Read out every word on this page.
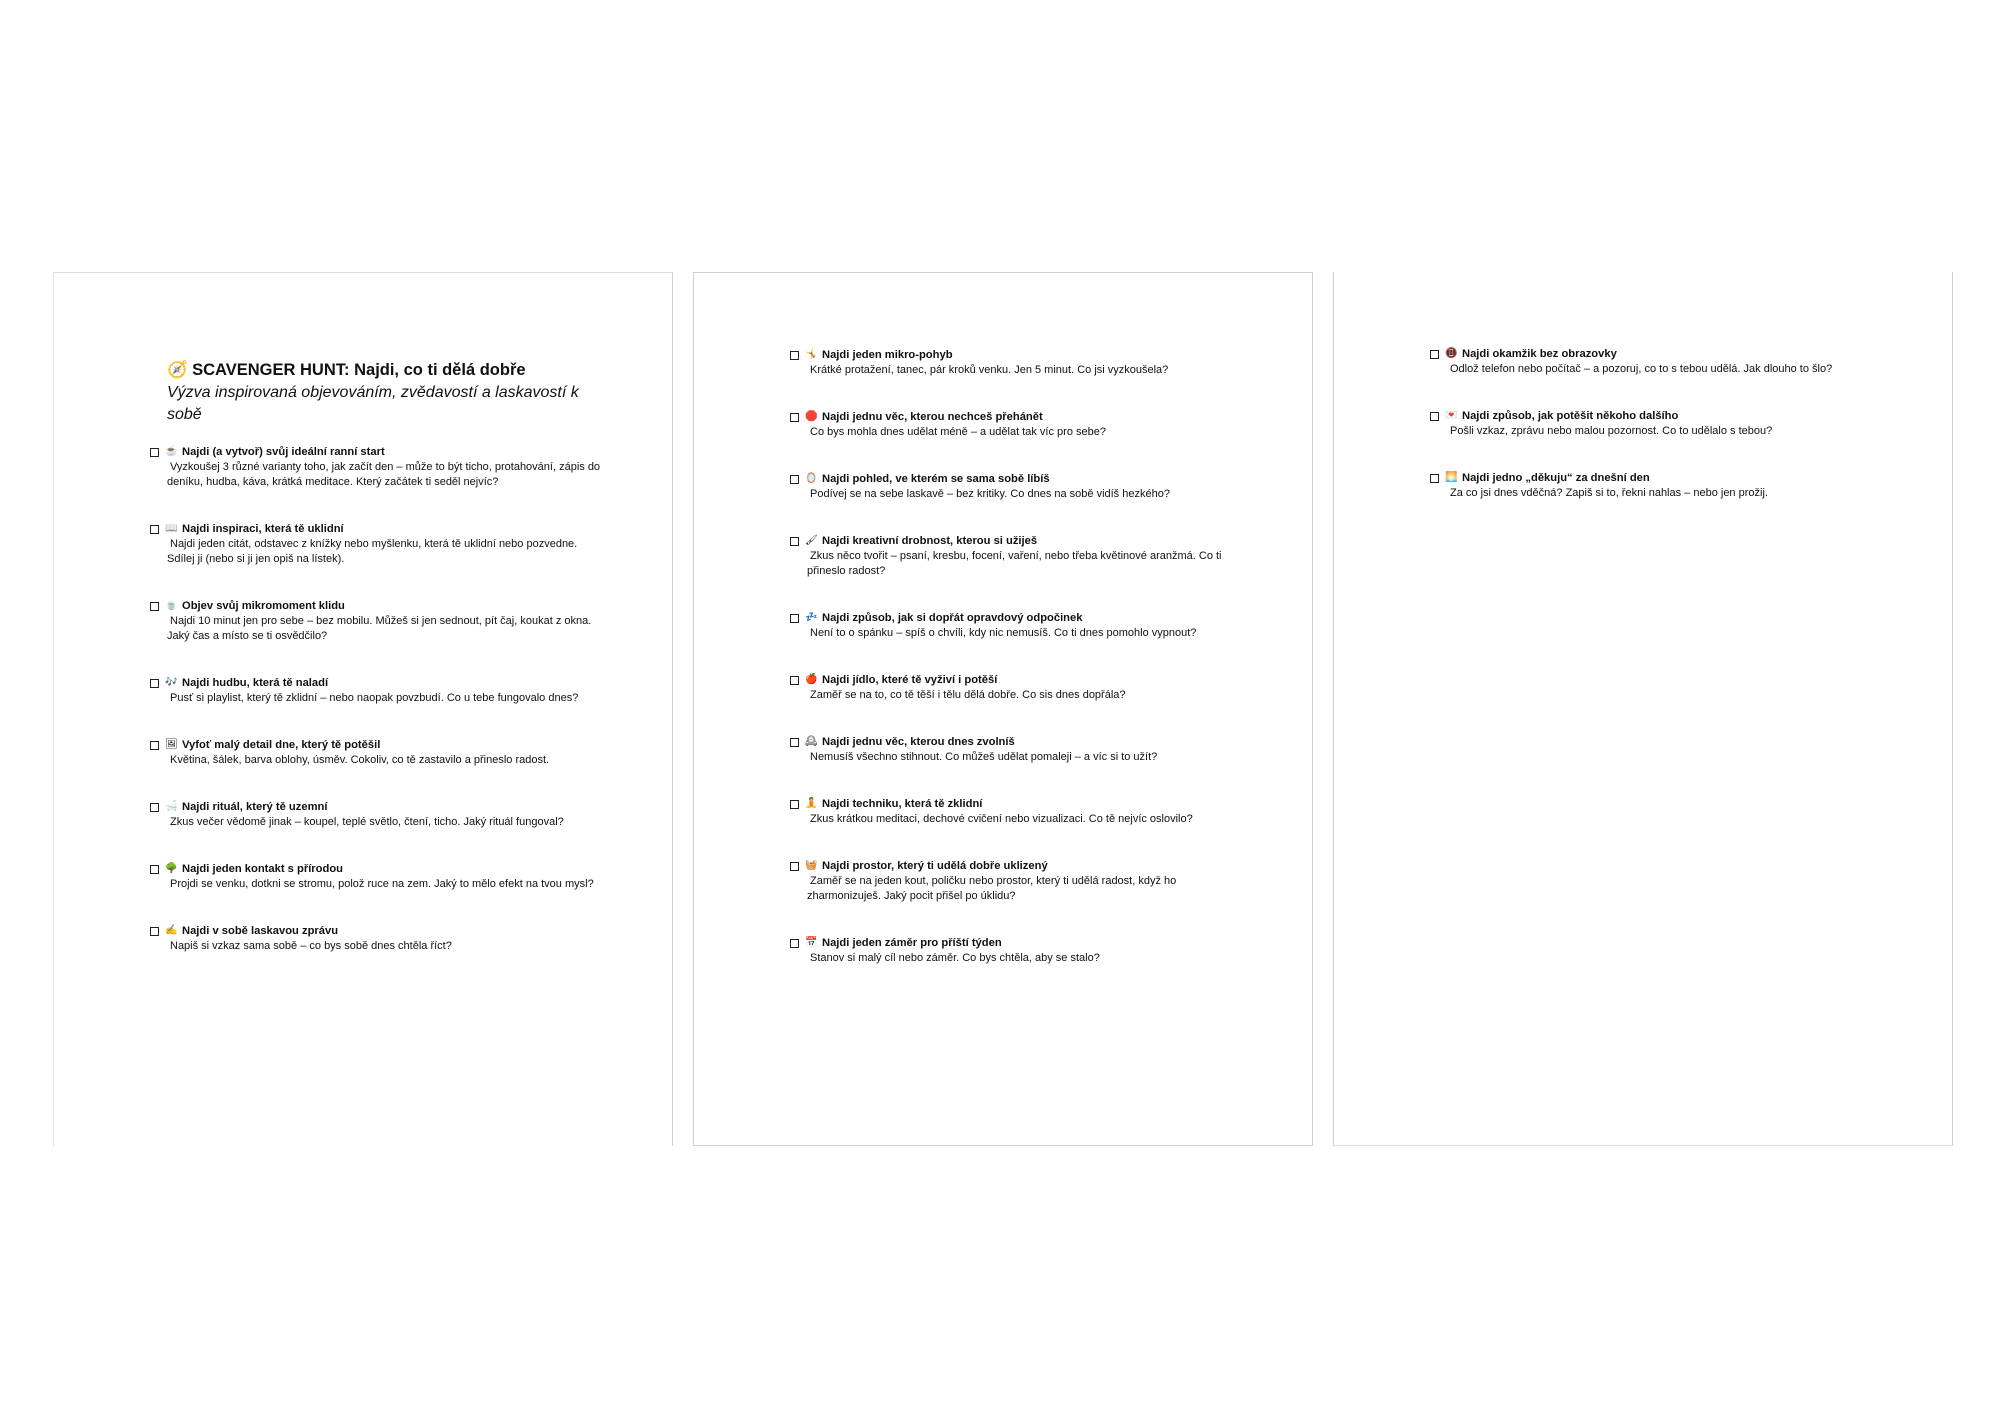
🧭 SCAVENGER HUNT: Najdi, co ti dělá dobře
Výzva inspirovaná objevováním, zvědavostí a laskavostí k sobě
☕ Najdi (a vytvoř) svůj ideální ranní start
Vyzkoušej 3 různé varianty toho, jak začít den – může to být ticho, protahování, zápis do deníku, hudba, káva, krátká meditace. Který začátek ti seděl nejvíc?
📖 Najdi inspiraci, která tě uklidní
Najdi jeden citát, odstavec z knížky nebo myšlenku, která tě uklidní nebo pozvedne. Sdílej ji (nebo si ji jen opiš na lístek).
🍵 Objev svůj mikromoment klidu
Najdi 10 minut jen pro sebe – bez mobilu. Můžeš si jen sednout, pít čaj, koukat z okna. Jaký čas a místo se ti osvědčilo?
🎶 Najdi hudbu, která tě naladí
Pusť si playlist, který tě zklidní – nebo naopak povzbudí. Co u tebe fungovalo dnes?
🖼 Vyfoť malý detail dne, který tě potěšil
Květina, šálek, barva oblohy, úsměv. Cokoliv, co tě zastavilo a přineslo radost.
🛁 Najdi rituál, který tě uzemní
Zkus večer vědomě jinak – koupel, teplé světlo, čtení, ticho. Jaký rituál fungoval?
🌳 Najdi jeden kontakt s přírodou
Projdi se venku, dotkni se stromu, polož ruce na zem. Jaký to mělo efekt na tvou mysl?
✍ Najdi v sobě laskavou zprávu
Napiš si vzkaz sama sobě – co bys sobě dnes chtěla říct?
🤸 Najdi jeden mikro-pohyb
Krátké protažení, tanec, pár kroků venku. Jen 5 minut. Co jsi vyzkoušela?
🛑 Najdi jednu věc, kterou nechceš přehánět
Co bys mohla dnes udělat méně – a udělat tak víc pro sebe?
🪞 Najdi pohled, ve kterém se sama sobě líbíš
Podívej se na sebe laskavě – bez kritiky. Co dnes na sobě vidíš hezkého?
🖌 Najdi kreativní drobnost, kterou si užiješ
Zkus něco tvořit – psaní, kresbu, focení, vaření, nebo třeba květinové aranžmá. Co ti přineslo radost?
💤 Najdi způsob, jak si dopřát opravdový odpočinek
Není to o spánku – spíš o chvíli, kdy nic nemusíš. Co ti dnes pomohlo vypnout?
🍎 Najdi jídlo, které tě vyživí i potěší
Zaměř se na to, co tě těší i tělu dělá dobře. Co sis dnes dopřála?
🕰 Najdi jednu věc, kterou dnes zvolníš
Nemusíš všechno stihnout. Co můžeš udělat pomaleji – a víc si to užít?
🧘 Najdi techniku, která tě zklidní
Zkus krátkou meditaci, dechové cvičení nebo vizualizaci. Co tě nejvíc oslovilo?
🧺 Najdi prostor, který ti udělá dobře uklizený
Zaměř se na jeden kout, poličku nebo prostor, který ti udělá radost, když ho zharmonizuješ. Jaký pocit přišel po úklidu?
📅 Najdi jeden záměr pro příští týden
Stanov si malý cíl nebo záměr. Co bys chtěla, aby se stalo?
📵 Najdi okamžik bez obrazovky
Odlož telefon nebo počítač – a pozoruj, co to s tebou udělá. Jak dlouho to šlo?
💌 Najdi způsob, jak potěšit někoho dalšího
Pošli vzkaz, zprávu nebo malou pozornost. Co to udělalo s tebou?
🌅 Najdi jedno „děkuju“ za dnešní den
Za co jsi dnes vděčná? Zapiš si to, řekni nahlas – nebo jen prožij.
